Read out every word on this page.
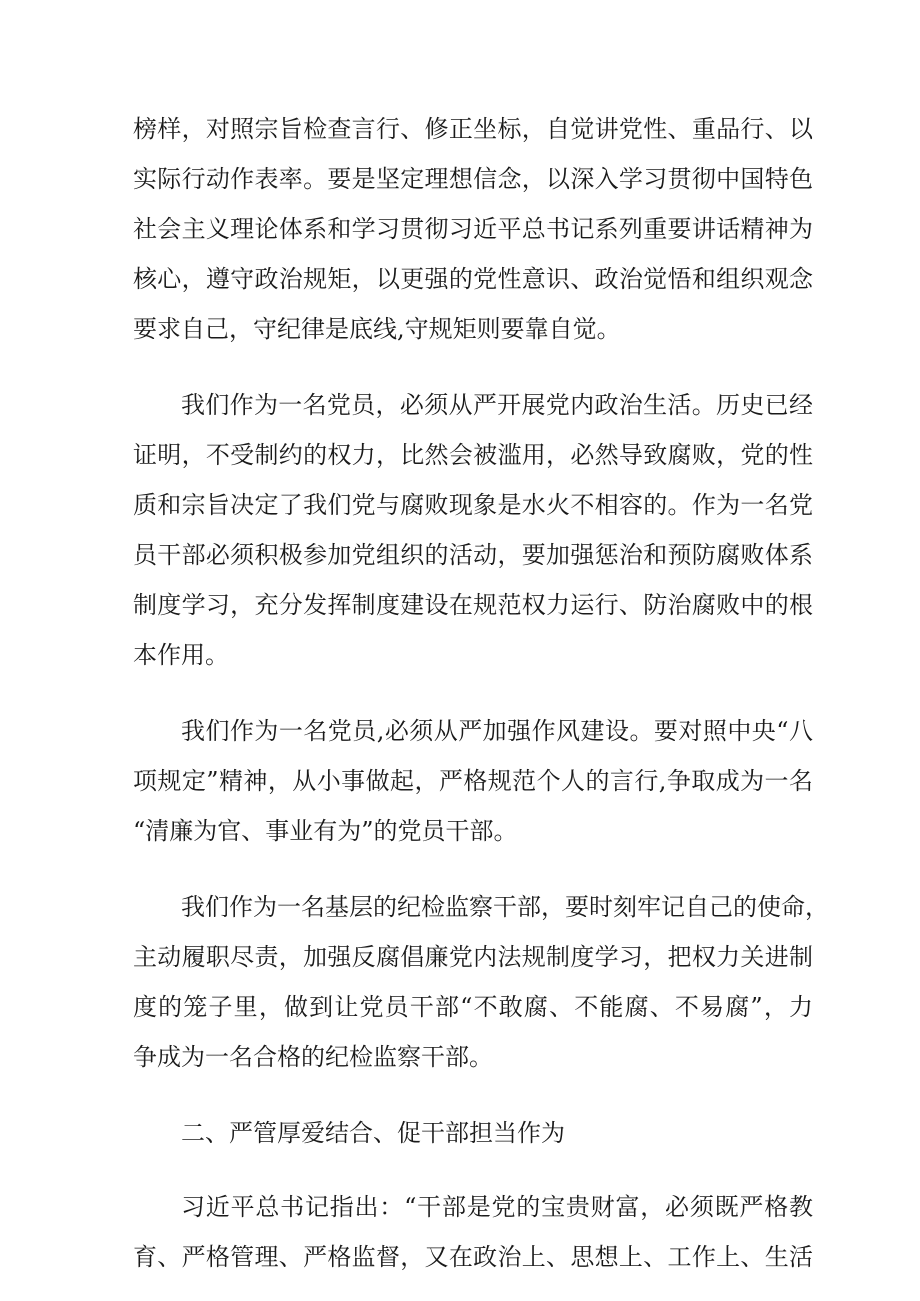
榜样，对照宗旨检查言行、修正坐标，自觉讲党性、重品行、以
实际行动作表率。要是坚定理想信念，以深入学习贯彻中国特色
社会主义理论体系和学习贯彻习近平总书记系列重要讲话精神为
核心，遵守政治规矩，以更强的党性意识、政治觉悟和组织观念
要求自己，守纪律是底线,守规矩则要靠自觉。
我们作为一名党员，必须从严开展党内政治生活。历史已经
证明，不受制约的权力，比然会被滥用，必然导致腐败，党的性
质和宗旨决定了我们党与腐败现象是水火不相容的。作为一名党
员干部必须积极参加党组织的活动，要加强惩治和预防腐败体系
制度学习，充分发挥制度建设在规范权力运行、防治腐败中的根
本作用。
我们作为一名党员,必须从严加强作风建设。要对照中央“八
项规定”精神，从小事做起，严格规范个人的言行,争取成为一名
“清廉为官、事业有为”的党员干部。
我们作为一名基层的纪检监察干部，要时刻牢记自己的使命，
主动履职尽责，加强反腐倡廉党内法规制度学习，把权力关进制
度的笼子里，做到让党员干部“不敢腐、不能腐、不易腐”，力
争成为一名合格的纪检监察干部。
二、严管厚爱结合、促干部担当作为
习近平总书记指出：“干部是党的宝贵财富，必须既严格教
育、严格管理、严格监督，又在政治上、思想上、工作上、生活
